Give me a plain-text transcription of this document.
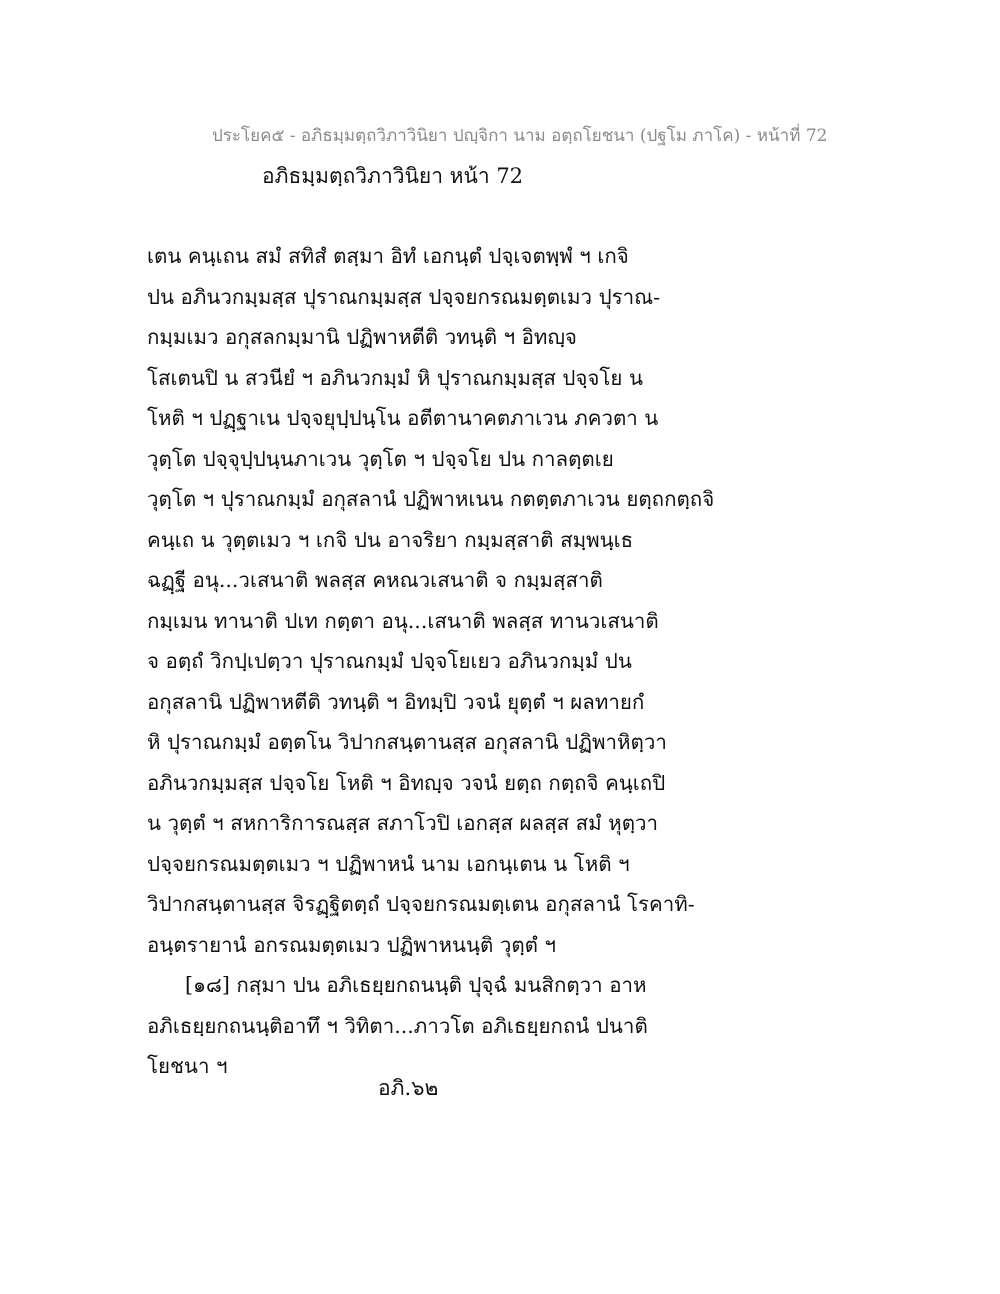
ประโยค๕ - อภิธมฺมตฺถวิภาวินิยา ปญฺจิกา นาม อตฺถโยชนา (ปฐโม ภาโค) - หน้าที่ 72
อภิธมฺมตฺถวิภาวินิยา หน้า 72
เตน คนฺเถน สมํ สทิสํ ตสฺมา อิทํ เอกนฺตํ ปจฺเจตพฺพํ ฯ เกจิ
ปน อภินวกมฺมสฺส ปุราณกมฺมสฺส ปจฺจยกรณมตฺตเมว ปุราณ-
กมฺมเมว อกุสลกมฺมานิ ปฏิพาหตีติ วทนฺติ ฯ อิทญฺจ
โสเตนปิ น สวนียํ ฯ อภินวกมฺมํ หิ ปุราณกมฺมสฺส ปจฺจโย น
โหติ ฯ ปฏฺฐาเน ปจฺจยุปฺปนฺโน อตีตานาคตภาเวน ภควตา น
วุตฺโต ปจฺจุปฺปนฺนภาเวน วุตฺโต ฯ ปจฺจโย ปน กาลตฺตเย
วุตฺโต ฯ ปุราณกมฺมํ อกุสลานํ ปฏิพาหเนน กตตฺตภาเวน ยตฺถกตฺถจิ
คนฺเถ น วุตฺตเมว ฯ เกจิ ปน อาจริยา กมฺมสฺสาติ สมฺพนฺเธ
ฉฏฺฐี อนุ...วเสนาติ พลสฺส คหณวเสนาติ จ กมฺมสฺสาติ
กมฺเมน ทานาติ ปเท กตฺตา อนุ...เสนาติ พลสฺส ทานวเสนาติ
จ อตฺถํ วิกปฺเปตฺวา ปุราณกมฺมํ ปจฺจโยเยว อภินวกมฺมํ ปน
อกุสลานิ ปฏิพาหตีติ วทนฺติ ฯ อิทมฺปิ วจนํ ยุตฺตํ ฯ ผลทายกํ
หิ ปุราณกมฺมํ อตฺตโน วิปากสนฺตานสฺส อกุสลานิ ปฏิพาหิตฺวา
อภินวกมฺมสฺส ปจฺจโย โหติ ฯ อิทญฺจ วจนํ ยตฺถ กตฺถจิ คนฺเถปิ
น วุตฺตํ ฯ สหการิการณสฺส สภาโวปิ เอกสฺส ผลสฺส สมํ หุตฺวา
ปจฺจยกรณมตฺตเมว ฯ ปฏิพาหนํ นาม เอกนฺเตน น โหติ ฯ
วิปากสนฺตานสฺส จิรฏฺฐิตตฺถํ ปจฺจยกรณมตฺเตน อกุสลานํ โรคาทิ-
อนฺตรายานํ อกรณมตฺตเมว ปฏิพาหนนฺติ วุตฺตํ ฯ
[๑๘] กสฺมา ปน อภิเธยฺยกถนนฺติ ปุจฺฉํ มนสิกตฺวา อาห
อภิเธยฺยกถนนฺติอาทึ ฯ วิทิตา...ภาวโต อภิเธยฺยกถนํ ปนาติ
โยชนา ฯ
อภิ.๖๒
